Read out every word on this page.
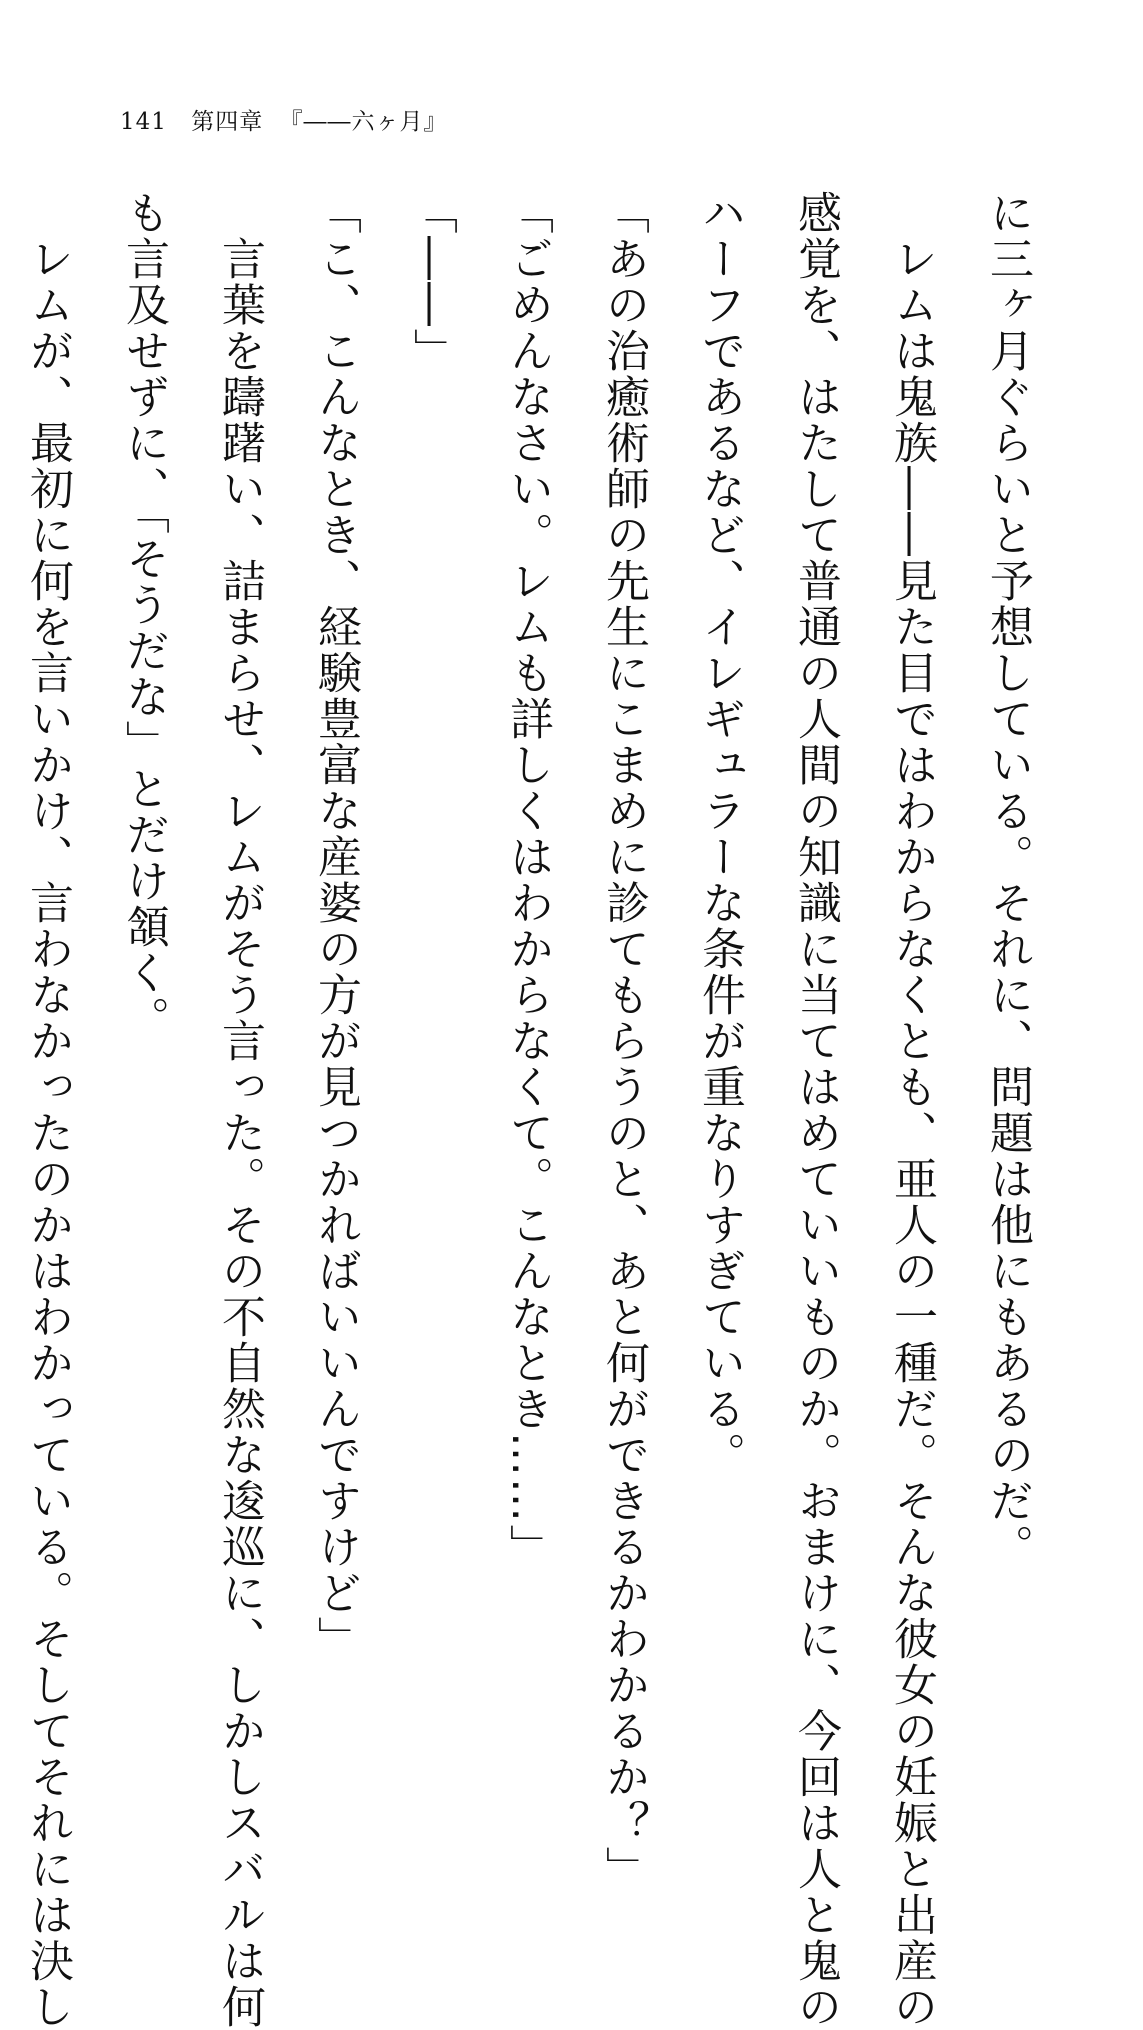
141 第四章 『――六ヶ月』

に三ヶ月ぐらいと予想している。それに、問題は他にもあるのだ。

　レムは鬼族――見た目ではわからなくとも、亜人の一種だ。そんな彼女の妊娠と出産の

感覚を、はたして普通の人間の知識に当てはめていいものか。おまけに、今回は人と鬼の

ハーフであるなど、イレギュラーな条件が重なりすぎている。

「あの治癒術師の先生にこまめに診てもらうのと、あと何ができるかわかるか？」

「ごめんなさい。レムも詳しくはわからなくて。こんなとき……」

「――」

「こ、こんなとき、経験豊富な産婆の方が見つかればいいんですけど」

　言葉を躊躇い、詰まらせ、レムがそう言った。その不自然な逡巡に、しかしスバルは何

も言及せずに、「そうだな」とだけ頷く。

　レムが、最初に何を言いかけ、言わなかったのかはわかっている。そしてそれには決し
